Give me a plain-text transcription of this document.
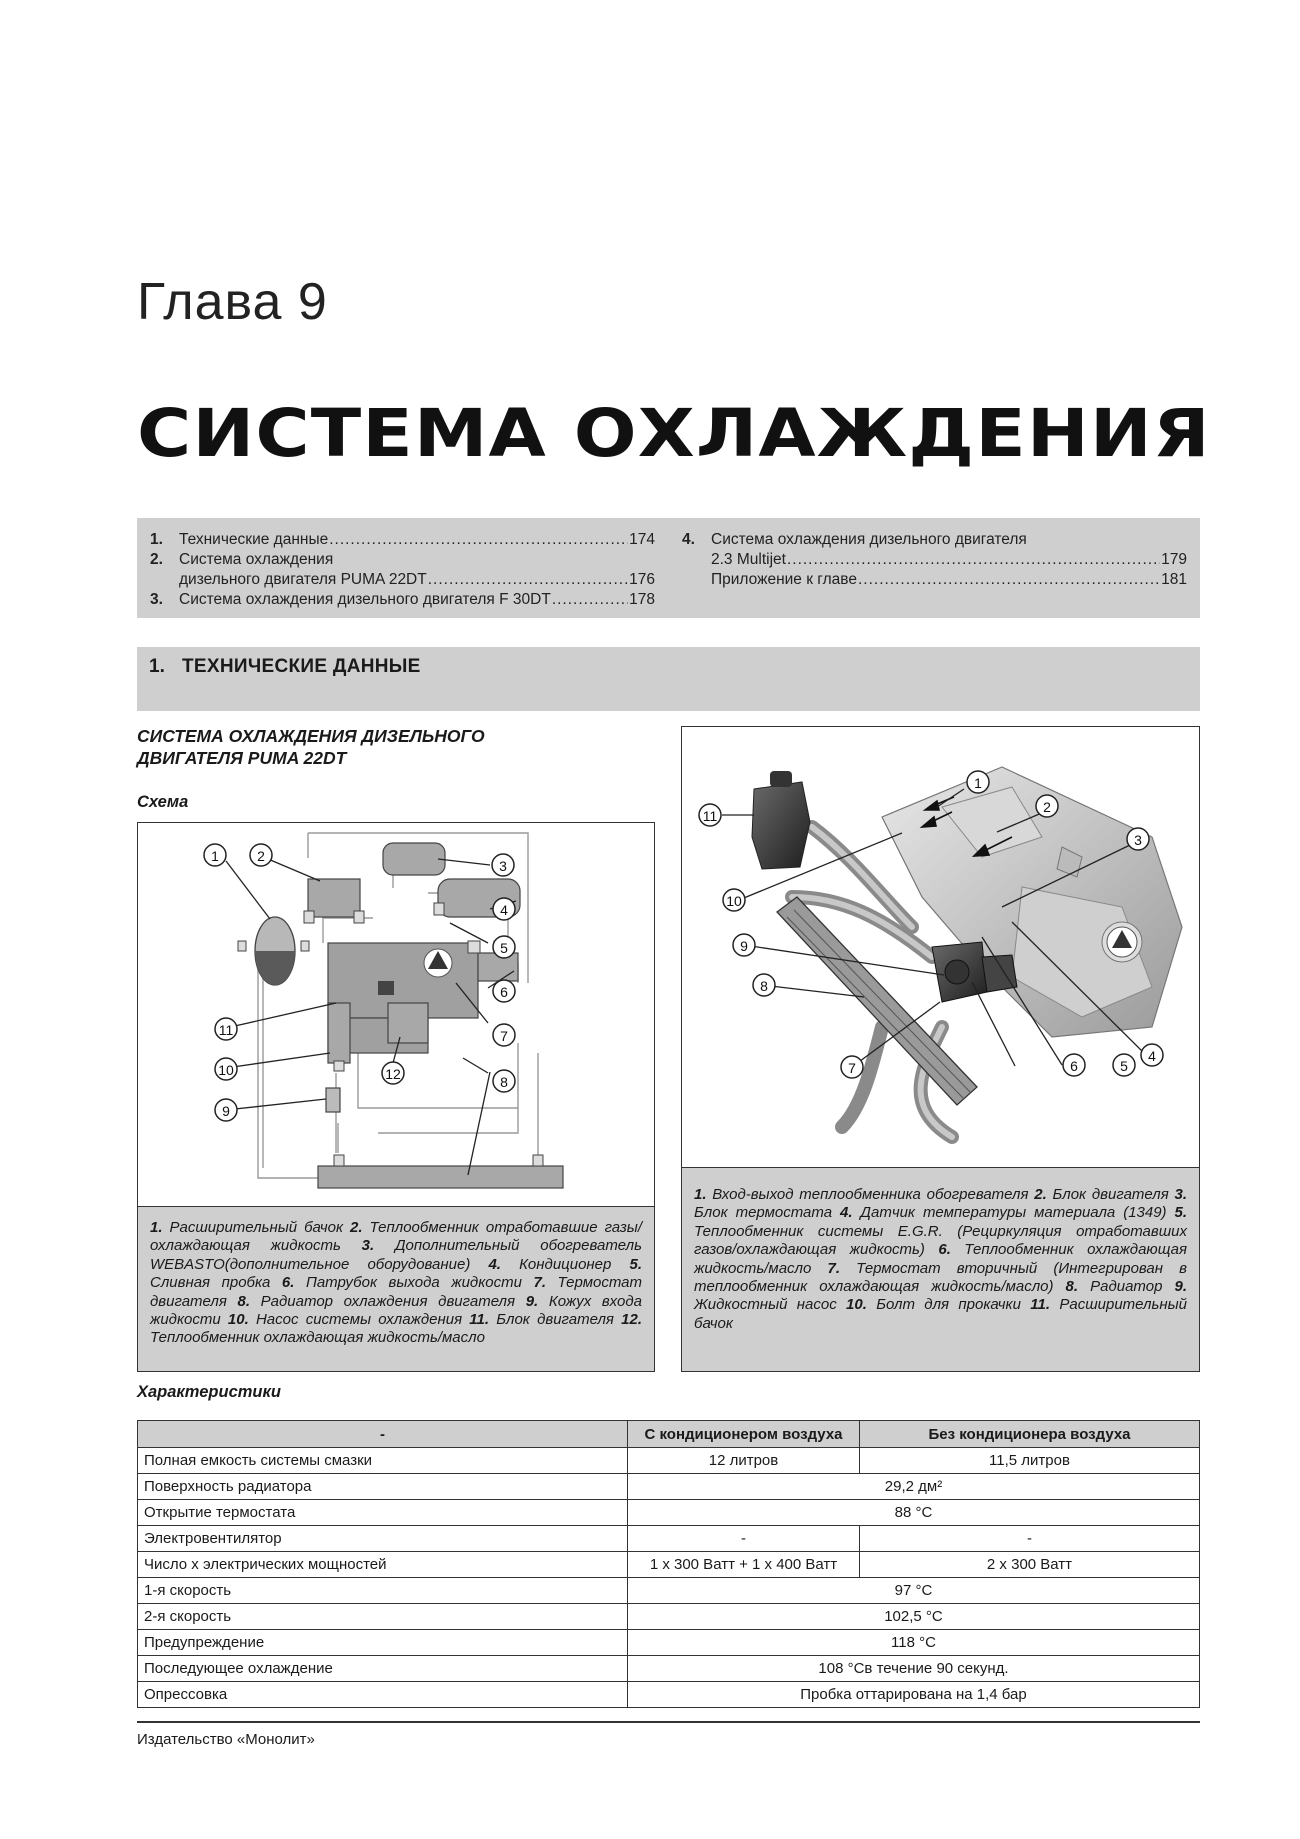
Глава 9
СИСТЕМА ОХЛАЖДЕНИЯ
1.	Технические данные .....	174
2.	Система охлаждения
дизельного двигателя PUMA 22DT .....	176
3.	Система охлаждения дизельного двигателя F 30DT .....	178
4.	Система охлаждения дизельного двигателя
2.3 Multijet .....	179
Приложение к главе .....	181
1. ТЕХНИЧЕСКИЕ ДАННЫЕ
СИСТЕМА ОХЛАЖДЕНИЯ ДИЗЕЛЬНОГО
ДВИГАТЕЛЯ PUMA 22DT
Схема
1	2
3
4
5
6
7
8
9
10
11
12
1. Расширительный бачок 2. Теплообменник отработавшие газы/охлаждающая жидкость 3. Дополнительный обогреватель WEBASTO(дополнительное оборудование) 4. Кондиционер 5. Сливная пробка 6. Патрубок выхода жидкости 7. Термостат двигателя 8. Радиатор охлаждения двигателя 9. Кожух входа жидкости 10. Насос системы охлаждения 11. Блок двигателя 12. Теплообменник охлаждающая жидкость/масло
1
2
3
4
5
6
7
8
9
10
11
1. Вход-выход теплообменника обогревателя 2. Блок двигателя 3. Блок термостата 4. Датчик температуры материала (1349) 5. Теплообменник системы E.G.R. (Рециркуляция отработавших газов/охлаждающая жидкость) 6. Теплообменник охлаждающая жидкость/масло 7. Термостат вторичный (Интегрирован в теплообменник охлаждающая жидкость/масло) 8. Радиатор 9. Жидкостный насос 10. Болт для прокачки 11. Расширительный бачок
Характеристики
-	С кондиционером воздуха	Без кондиционера воздуха
Полная емкость системы смазки	12 литров	11,5 литров
Поверхность радиатора	29,2 дм²	
Открытие термостата	88 °С	
Электровентилятор	-	-
Число х электрических мощностей	1 х 300 Ватт + 1 х 400 Ватт	2 х 300 Ватт
1-я скорость	97 °С	
2-я скорость	102,5 °С	
Предупреждение	118 °С	
Последующее охлаждение	108 °Св течение 90 секунд.	
Опрессовка	Пробка оттарирована на 1,4 бар	
Издательство «Монолит»
